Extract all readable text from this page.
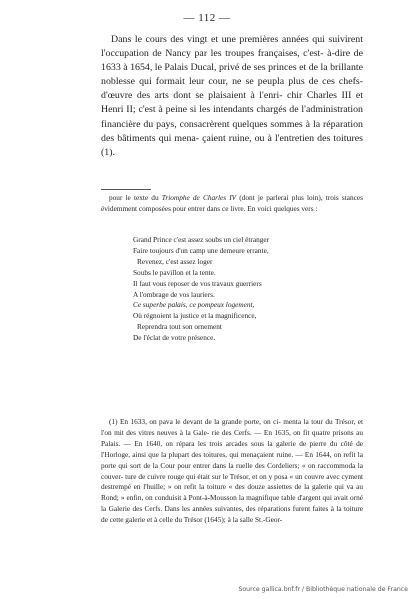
— 112 —

Dans le cours des vingt et une premières années qui suivirent l'occupation de Nancy par les troupes françaises, c'est- à-dire de 1633 à 1654, le Palais Ducal, privé de ses princes et de la brillante noblesse qui formait leur cour, ne se peupla plus de ces chefs-d'œuvre des arts dont se plaisaient à l'enri- chir Charles III et Henri II; c'est à peine si les intendants chargés de l'administration financière du pays, consacrèrent quelques sommes à la réparation des bâtiments qui mena- çaient ruine, ou à l'entretien des toitures (1).

pour le texte du Triomphe de Charles IV (dont je parlerai plus loin), trois stances évidemment composées pour entrer dans ce livre. En voici quelques vers :

Grand Prince c'est assez soubs un ciel étranger
Faire toujours d'un camp une demeure errante,
Revenez, c'est assez loger
Soubs le pavillon et la tente.
Il faut vous reposer de vos travaux guerriers
A l'ombrage de vos lauriers.
Ce superbe palais, ce pompeux logement,
Où régnoient la justice et la magnificence,
Reprendra tout son ornement
De l'éclat de votre présence.

(1) En 1633, on pava le devant de la grande porte, on ci- menta la tour du Trésor, et l'on mit des vitres neuves à la Gale- rie des Cerfs. — En 1635, on fit quatre prisons au Palais. — En 1640, on répara les trois arcades sous la galerie de pierre du côté de l'Horloge, ainsi que la plupart des toitures, qui menaçaient ruine. — En 1644, on refit la porte qui sort de la Cour pour entrer dans la ruelle des Cordeliers; « on raccommoda la couver- ture de cuivre rouge qui était sur le Trésor, et on y posa « un couvre avec cyment destrempé en l'huille; » on refit la toiture « des douze assiettes de la galerie qui va au Rond; » enfin, on conduisit à Pont-à-Mousson la magnifique table d'argent qui avait orné la Galerie des Cerfs. Dans les années suivantes, des réparations furent faites à la toiture de cette galerie et à celle du Trésor (1645); à la salle St.-Geor-

Source gallica.bnf.fr / Bibliothèque nationale de France
